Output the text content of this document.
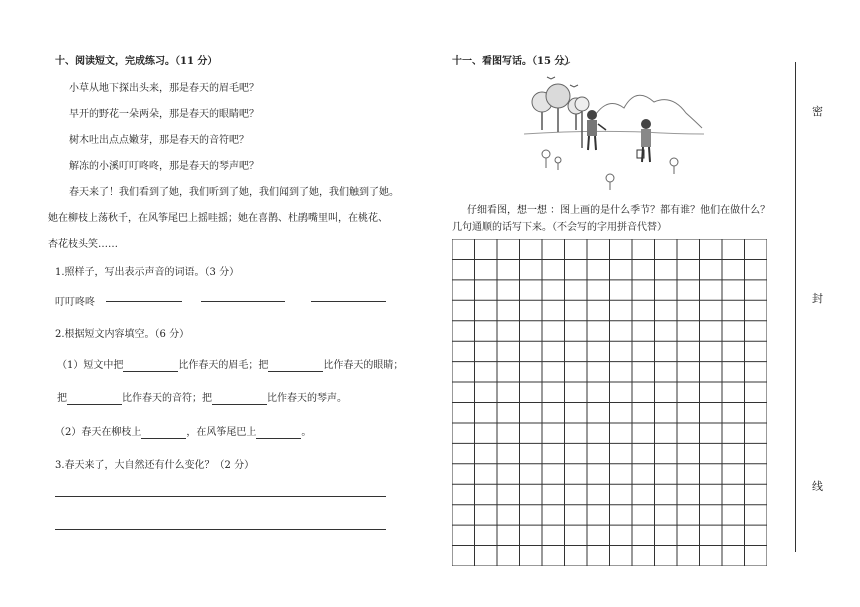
十、阅读短文，完成练习。（11 分）
小草从地下探出头来，那是春天的眉毛吧？
早开的野花一朵两朵，那是春天的眼睛吧？
树木吐出点点嫩芽，那是春天的音符吧？
解冻的小溪叮叮咚咚，那是春天的琴声吧？
春天来了！我们看到了她，我们听到了她，我们闻到了她，我们触到了她。
她在柳枝上荡秋千，在风筝尾巴上摇哇摇；她在喜鹊、杜鹃嘴里叫，在桃花、
杏花枝头笑……
1.照样子，写出表示声音的词语。（3 分）
叮叮咚咚
2.根据短文内容填空。（6 分）
（1）短文中把	比作春天的眉毛；把	比作春天的眼睛；
把	比作春天的音符；把	比作春天的琴声。
（2）春天在柳枝上	，在风筝尾巴上	。
3.春天来了，大自然还有什么变化？（2 分）
十一、看图写话。（15 分）
仔细看图，想一想 ：图上画的是什么季节？都有谁？他们在做什么？
几句通顺的话写下来。（不会写的字用拼音代替）
密
封
线
